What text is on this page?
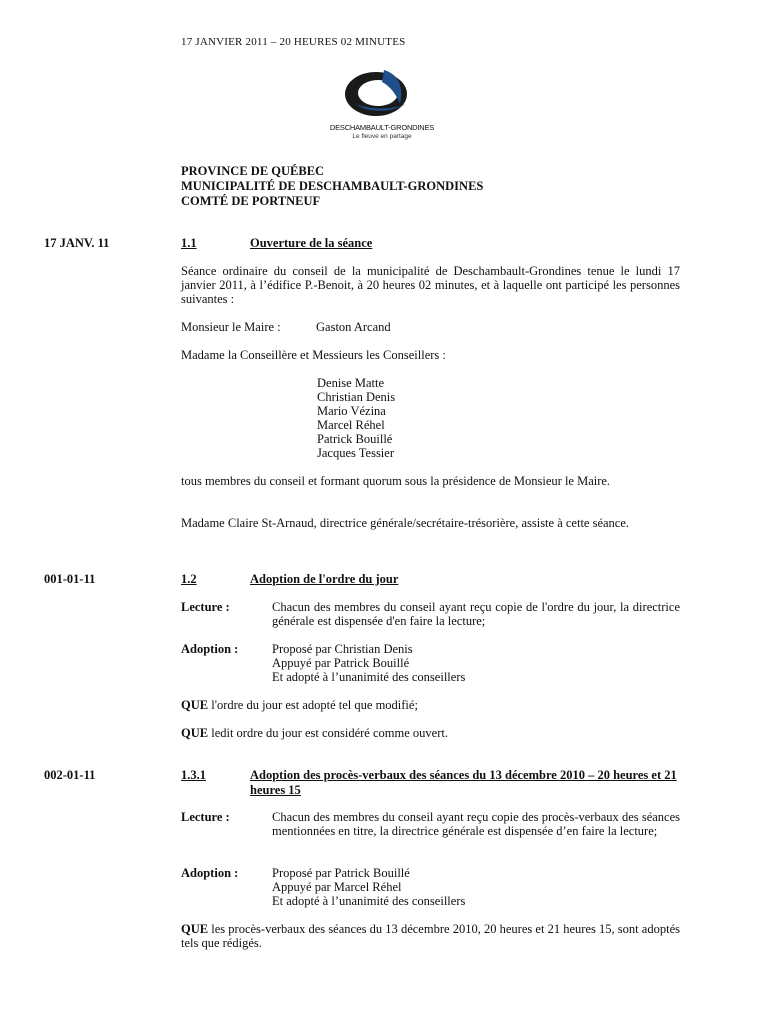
17 JANVIER 2011 – 20 HEURES 02 MINUTES
DESCHAMBAULT-GRONDINES
Le fleuve en partage
PROVINCE DE QUÉBEC
MUNICIPALITÉ DE DESCHAMBAULT-GRONDINES
COMTÉ DE PORTNEUF
17 JANV. 11	1.1	Ouverture de la séance
Séance ordinaire du conseil de la municipalité de Deschambault-Grondines tenue le lundi 17 janvier 2011, à l’édifice P.-Benoit, à 20 heures 02 minutes, et à laquelle ont participé les personnes suivantes :
Monsieur le Maire :	Gaston Arcand
Madame la Conseillère et Messieurs les Conseillers :
Denise Matte
Christian Denis
Mario Vézina
Marcel Réhel
Patrick Bouillé
Jacques Tessier
tous membres du conseil et formant quorum sous la présidence de Monsieur le Maire.
Madame Claire St-Arnaud, directrice générale/secrétaire-trésorière, assiste à cette séance.
001-01-11	1.2	Adoption de l'ordre du jour
Lecture :	Chacun des membres du conseil ayant reçu copie de l'ordre du jour, la directrice générale est dispensée d'en faire la lecture;
Adoption :	Proposé par Christian Denis
Appuyé par Patrick Bouillé
Et adopté à l’unanimité des conseillers
QUE l'ordre du jour est adopté tel que modifié;
QUE ledit ordre du jour est considéré comme ouvert.
002-01-11	1.3.1	Adoption des procès-verbaux des séances du 13 décembre 2010 – 20 heures et 21 heures 15
Lecture :	Chacun des membres du conseil ayant reçu copie des procès-verbaux des séances mentionnées en titre, la directrice générale est dispensée d’en faire la lecture;
Adoption :	Proposé par Patrick Bouillé
Appuyé par Marcel Réhel
Et adopté à l’unanimité des conseillers
QUE les procès-verbaux des séances du 13 décembre 2010, 20 heures et 21 heures 15, sont adoptés tels que rédigés.
